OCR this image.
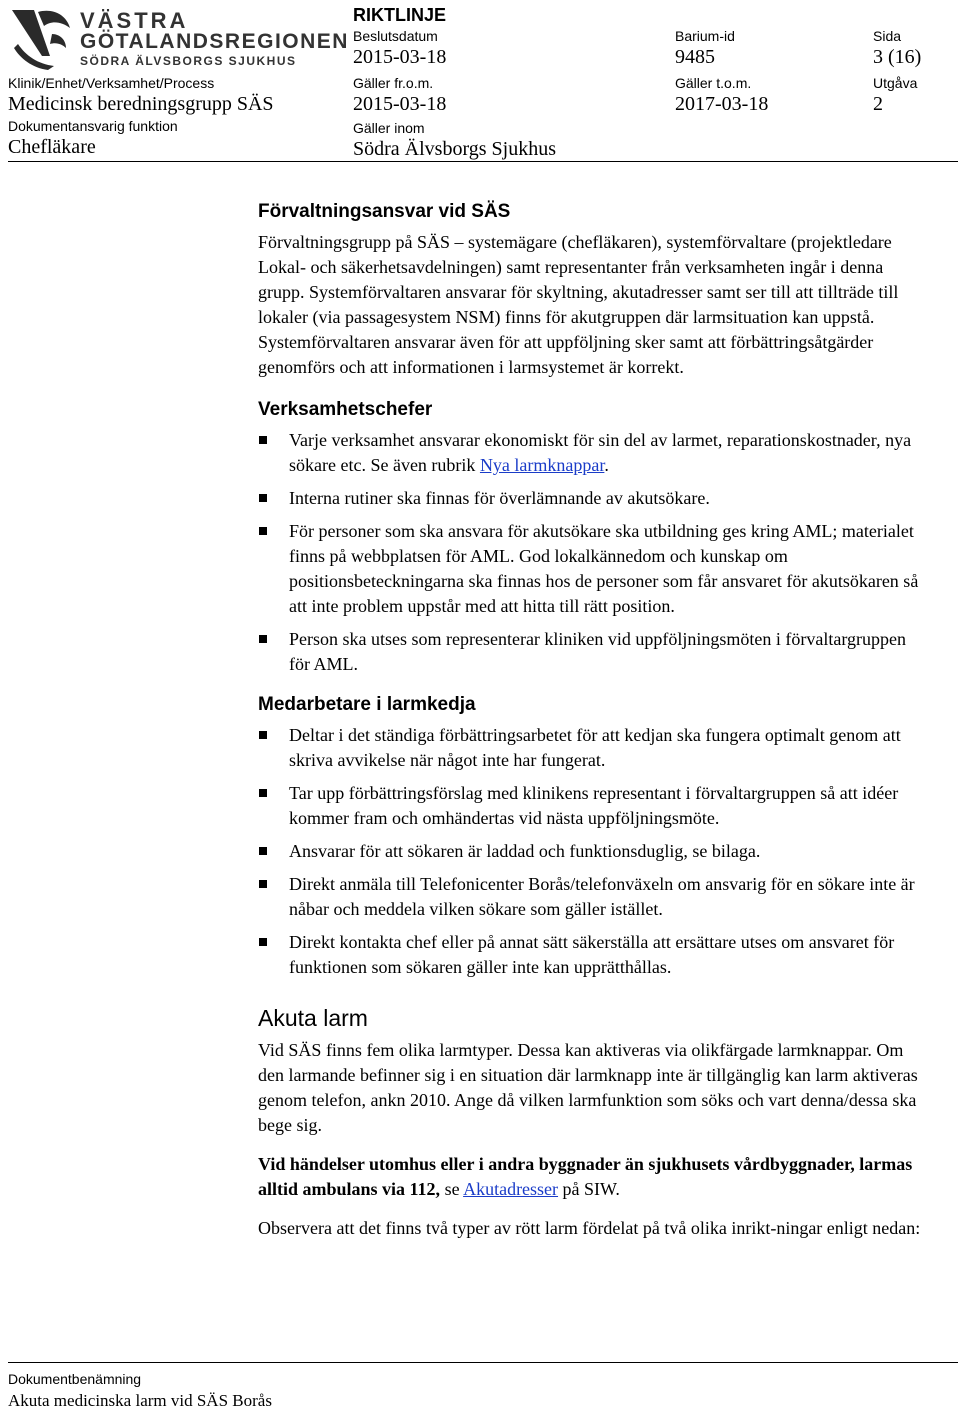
VÄSTRA
GÖTALANDSREGIONEN
SÖDRA ÄLVSBORGS SJUKHUS
RIKTLINJE
Beslutsdatum
2015-03-18
Barium-id
9485
Sida
3 (16)
Klinik/Enhet/Verksamhet/Process
Medicinsk beredningsgrupp SÄS
Gäller fr.o.m.
2015-03-18
Gäller t.o.m.
2017-03-18
Utgåva
2
Dokumentansvarig funktion
Chefläkare
Gäller inom
Södra Älvsborgs Sjukhus
Förvaltningsansvar vid SÄS

Förvaltningsgrupp på SÄS – systemägare (chefläkaren), systemförvaltare (projektledare Lokal- och säkerhetsavdelningen) samt representanter från verksamheten ingår i denna grupp. Systemförvaltaren ansvarar för skyltning, akutadresser samt ser till att tillträde till lokaler (via passagesystem NSM) finns för akutgruppen där larmsituation kan uppstå. Systemförvaltaren ansvarar även för att uppföljning sker samt att förbättringsåtgärder genomförs och att informationen i larmsystemet är korrekt.

Verksamhetschefer
Varje verksamhet ansvarar ekonomiskt för sin del av larmet, reparationskostnader, nya sökare etc. Se även rubrik Nya larmknappar.
Interna rutiner ska finnas för överlämnande av akutsökare.
För personer som ska ansvara för akutsökare ska utbildning ges kring AML; materialet finns på webbplatsen för AML. God lokalkännedom och kunskap om positionsbeteckningarna ska finnas hos de personer som får ansvaret för akutsökaren så att inte problem uppstår med att hitta till rätt position.
Person ska utses som representerar kliniken vid uppföljningsmöten i förvaltargruppen för AML.
Medarbetare i larmkedja
Deltar i det ständiga förbättringsarbetet för att kedjan ska fungera optimalt genom att skriva avvikelse när något inte har fungerat.
Tar upp förbättringsförslag med klinikens representant i förvaltargruppen så att idéer kommer fram och omhändertas vid nästa uppföljningsmöte.
Ansvarar för att sökaren är laddad och funktionsduglig, se bilaga.
Direkt anmäla till Telefonicenter Borås/telefonväxeln om ansvarig för en sökare inte är nåbar och meddela vilken sökare som gäller istället.
Direkt kontakta chef eller på annat sätt säkerställa att ersättare utses om ansvaret för funktionen som sökaren gäller inte kan upprätthållas.
Akuta larm

Vid SÄS finns fem olika larmtyper. Dessa kan aktiveras via olikfärgade larmknappar. Om den larmande befinner sig i en situation där larmknapp inte är tillgänglig kan larm aktiveras genom telefon, ankn 2010. Ange då vilken larmfunktion som söks och vart denna/dessa ska bege sig.

Vid händelser utomhus eller i andra byggnader än sjukhusets vårdbyggnader, larmas alltid ambulans via 112, se Akutadresser på SIW.

Observera att det finns två typer av rött larm fördelat på två olika inrikt-ningar enligt nedan:

Dokumentbenämning
Akuta medicinska larm vid SÄS Borås
